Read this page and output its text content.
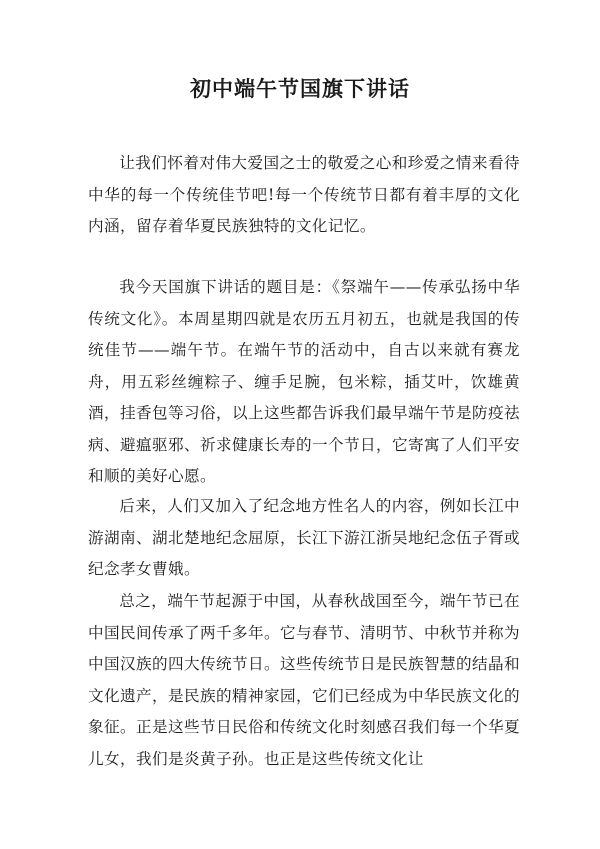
初中端午节国旗下讲话

让我们怀着对伟大爱国之士的敬爱之心和珍爱之情来看待中华的每一个传统佳节吧!每一个传统节日都有着丰厚的文化内涵，留存着华夏民族独特的文化记忆。

我今天国旗下讲话的题目是：《祭端午——传承弘扬中华传统文化》。本周星期四就是农历五月初五，也就是我国的传统佳节——端午节。在端午节的活动中，自古以来就有赛龙舟，用五彩丝缠粽子、缠手足腕，包米粽，插艾叶，饮雄黄酒，挂香包等习俗，以上这些都告诉我们最早端午节是防疫祛病、避瘟驱邪、祈求健康长寿的一个节日，它寄寓了人们平安和顺的美好心愿。

后来，人们又加入了纪念地方性名人的内容，例如长江中游湖南、湖北楚地纪念屈原，长江下游江浙吴地纪念伍子胥或纪念孝女曹娥。

总之，端午节起源于中国，从春秋战国至今，端午节已在中国民间传承了两千多年。它与春节、清明节、中秋节并称为中国汉族的四大传统节日。这些传统节日是民族智慧的结晶和文化遗产，是民族的精神家园，它们已经成为中华民族文化的象征。正是这些节日民俗和传统文化时刻感召我们每一个华夏儿女，我们是炎黄子孙。也正是这些传统文化让
